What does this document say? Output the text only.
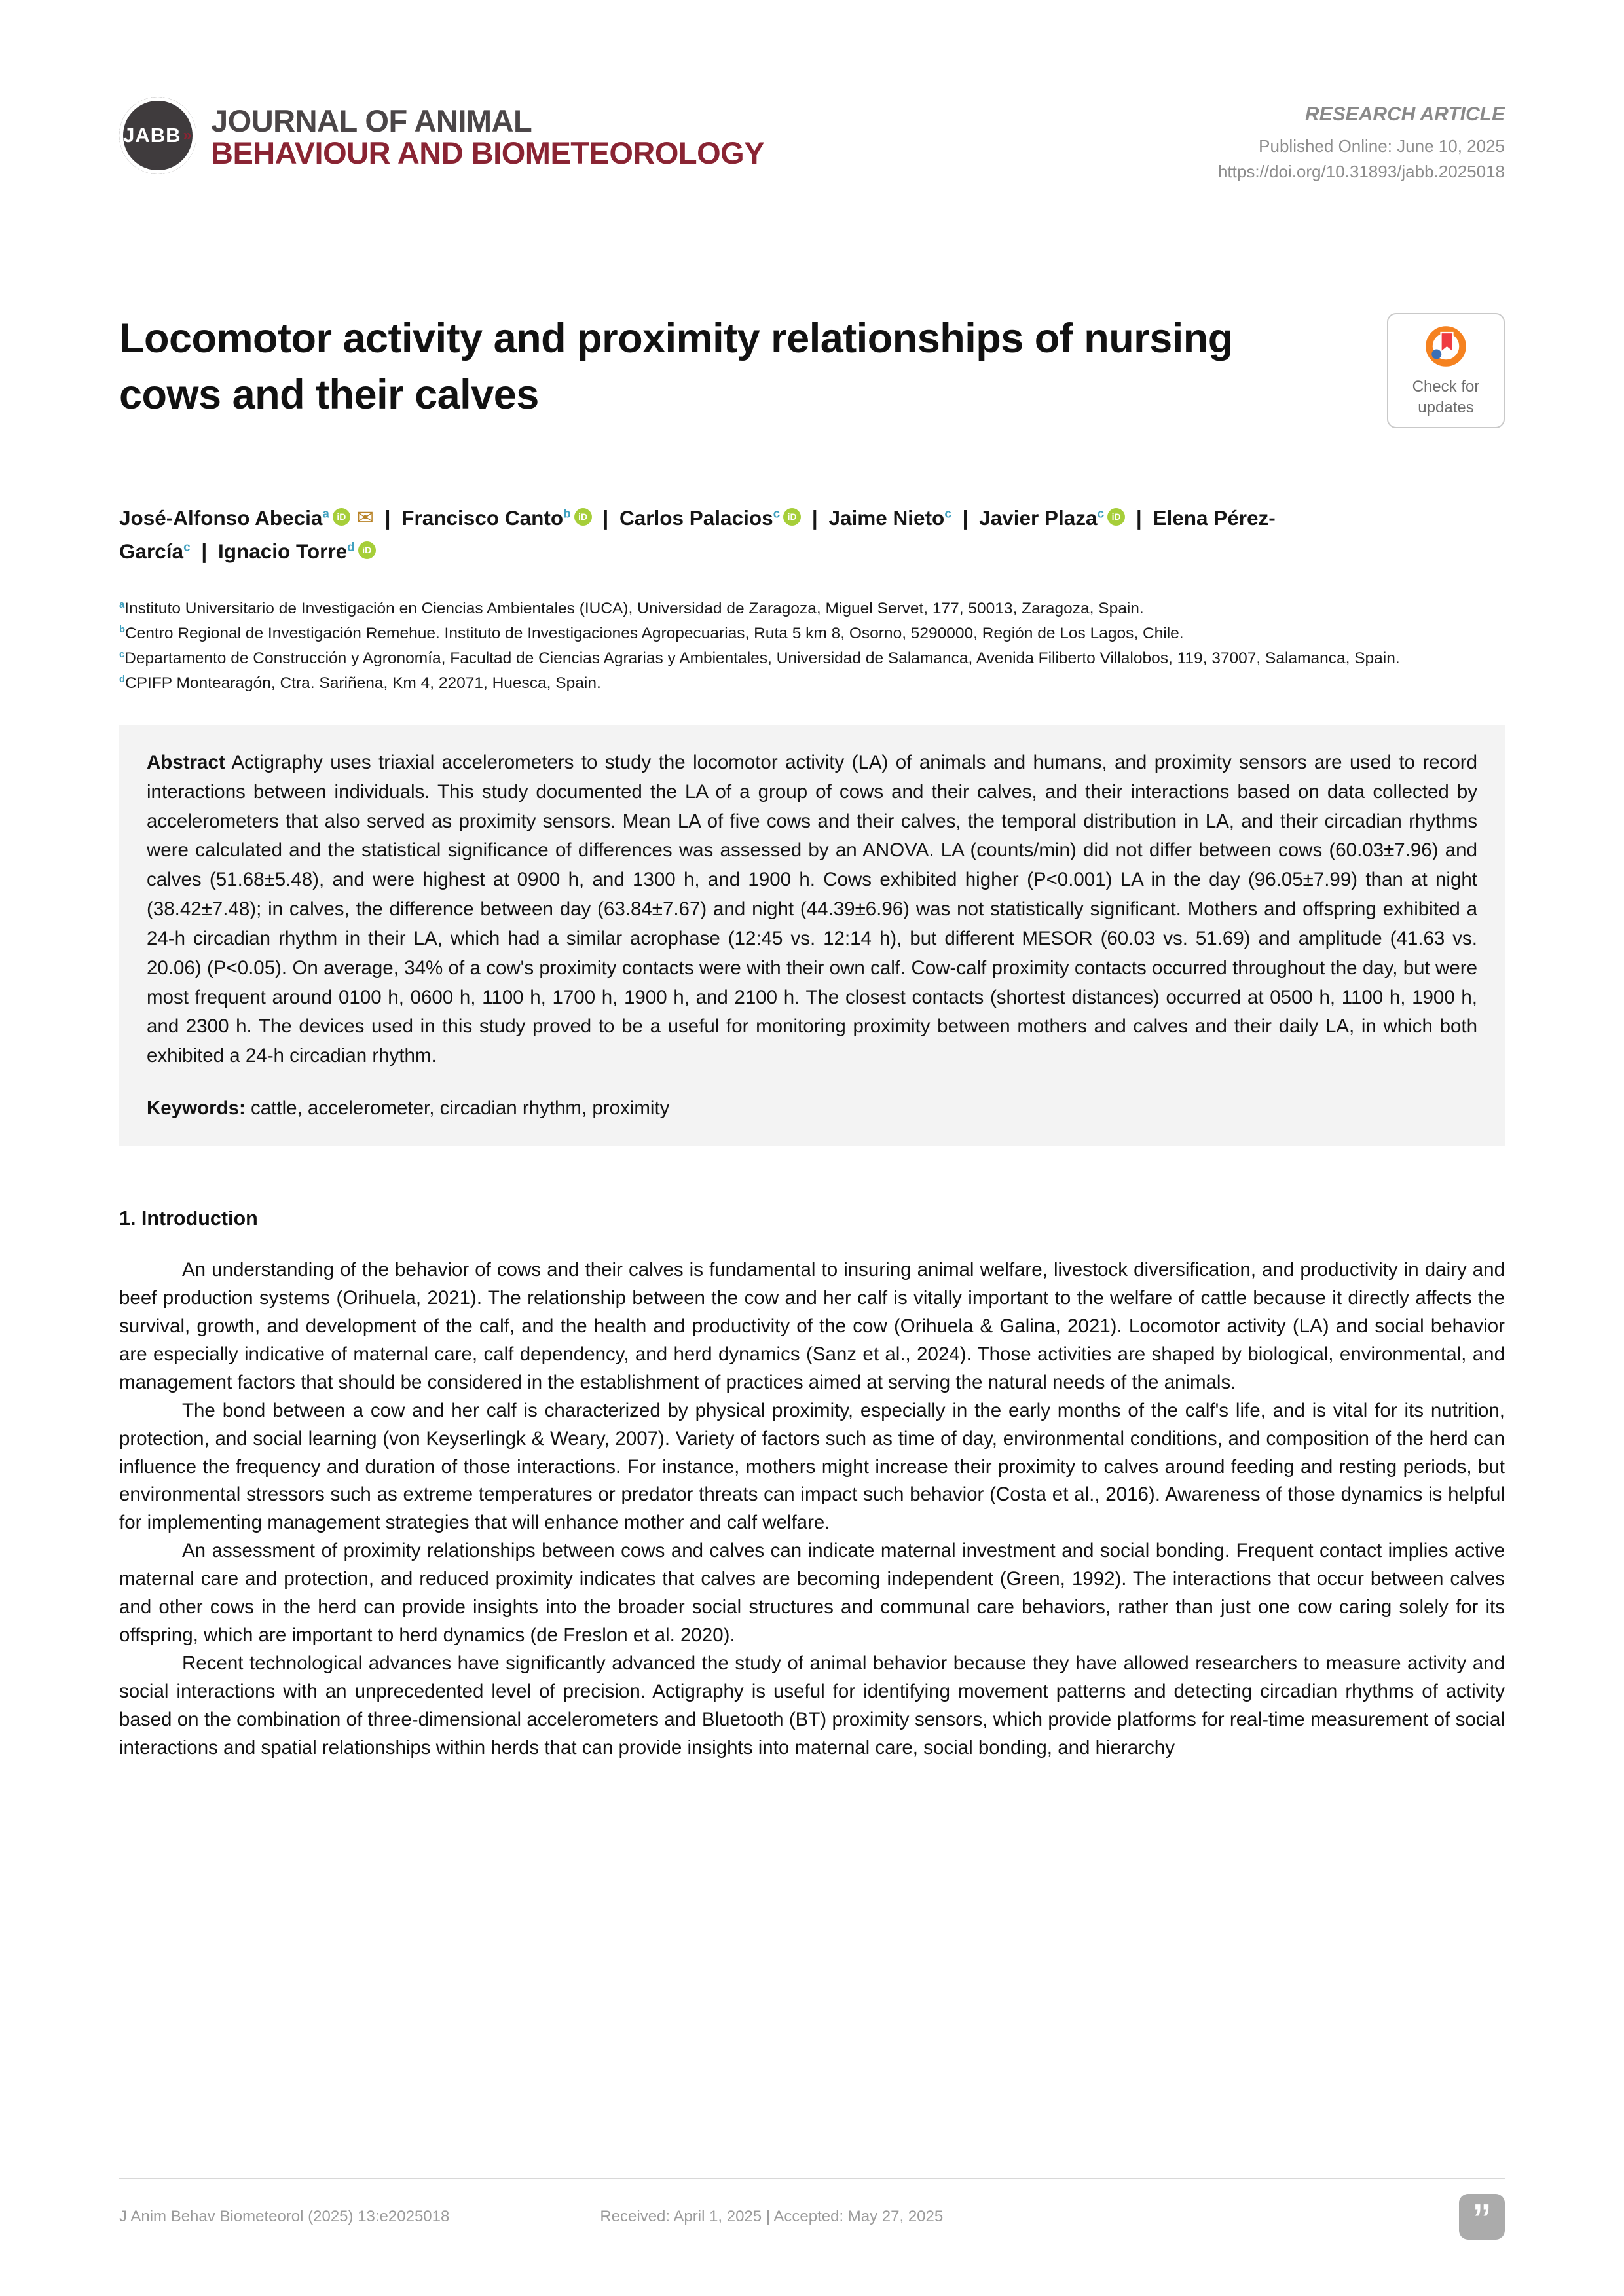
JABB » JOURNAL OF ANIMAL
BEHAVIOUR AND BIOMETEOROLOGY
RESEARCH ARTICLE
Published Online: June 10, 2025
https://doi.org/10.31893/jabb.2025018
Locomotor activity and proximity relationships of nursing cows and their calves	Check for
updates
José-Alfonso Abecia$^a$ iD ✉ | Francisco Canto$^b$ iD | Carlos Palacios$^c$ iD | Jaime Nieto$^c$ | Javier Plaza$^c$ iD | Elena Pérez-García$^c$ | Ignacio Torre$^d$ iD
$^a$Instituto Universitario de Investigación en Ciencias Ambientales (IUCA), Universidad de Zaragoza, Miguel Servet, 177, 50013, Zaragoza, Spain.
$^b$Centro Regional de Investigación Remehue. Instituto de Investigaciones Agropecuarias, Ruta 5 km 8, Osorno, 5290000, Región de Los Lagos, Chile.
$^c$Departamento de Construcción y Agronomía, Facultad de Ciencias Agrarias y Ambientales, Universidad de Salamanca, Avenida Filiberto Villalobos, 119, 37007, Salamanca, Spain.
$^d$CPIFP Montearagón, Ctra. Sariñena, Km 4, 22071, Huesca, Spain.

Abstract Actigraphy uses triaxial accelerometers to study the locomotor activity (LA) of animals and humans, and proximity sensors are used to record interactions between individuals. This study documented the LA of a group of cows and their calves, and their interactions based on data collected by accelerometers that also served as proximity sensors. Mean LA of five cows and their calves, the temporal distribution in LA, and their circadian rhythms were calculated and the statistical significance of differences was assessed by an ANOVA. LA (counts/min) did not differ between cows (60.03±7.96) and calves (51.68±5.48), and were highest at 0900 h, and 1300 h, and 1900 h. Cows exhibited higher (P<0.001) LA in the day (96.05±7.99) than at night (38.42±7.48); in calves, the difference between day (63.84±7.67) and night (44.39±6.96) was not statistically significant. Mothers and offspring exhibited a 24-h circadian rhythm in their LA, which had a similar acrophase (12:45 vs. 12:14 h), but different MESOR (60.03 vs. 51.69) and amplitude (41.63 vs. 20.06) (P<0.05). On average, 34% of a cow's proximity contacts were with their own calf. Cow-calf proximity contacts occurred throughout the day, but were most frequent around 0100 h, 0600 h, 1100 h, 1700 h, 1900 h, and 2100 h. The closest contacts (shortest distances) occurred at 0500 h, 1100 h, 1900 h, and 2300 h. The devices used in this study proved to be a useful for monitoring proximity between mothers and calves and their daily LA, in which both exhibited a 24-h circadian rhythm.

Keywords: cattle, accelerometer, circadian rhythm, proximity

1. Introduction

An understanding of the behavior of cows and their calves is fundamental to insuring animal welfare, livestock diversification, and productivity in dairy and beef production systems (Orihuela, 2021). The relationship between the cow and her calf is vitally important to the welfare of cattle because it directly affects the survival, growth, and development of the calf, and the health and productivity of the cow (Orihuela & Galina, 2021). Locomotor activity (LA) and social behavior are especially indicative of maternal care, calf dependency, and herd dynamics (Sanz et al., 2024). Those activities are shaped by biological, environmental, and management factors that should be considered in the establishment of practices aimed at serving the natural needs of the animals.

The bond between a cow and her calf is characterized by physical proximity, especially in the early months of the calf's life, and is vital for its nutrition, protection, and social learning (von Keyserlingk & Weary, 2007). Variety of factors such as time of day, environmental conditions, and composition of the herd can influence the frequency and duration of those interactions. For instance, mothers might increase their proximity to calves around feeding and resting periods, but environmental stressors such as extreme temperatures or predator threats can impact such behavior (Costa et al., 2016). Awareness of those dynamics is helpful for implementing management strategies that will enhance mother and calf welfare.

An assessment of proximity relationships between cows and calves can indicate maternal investment and social bonding. Frequent contact implies active maternal care and protection, and reduced proximity indicates that calves are becoming independent (Green, 1992). The interactions that occur between calves and other cows in the herd can provide insights into the broader social structures and communal care behaviors, rather than just one cow caring solely for its offspring, which are important to herd dynamics (de Freslon et al. 2020).

Recent technological advances have significantly advanced the study of animal behavior because they have allowed researchers to measure activity and social interactions with an unprecedented level of precision. Actigraphy is useful for identifying movement patterns and detecting circadian rhythms of activity based on the combination of three-dimensional accelerometers and Bluetooth (BT) proximity sensors, which provide platforms for real-time measurement of social interactions and spatial relationships within herds that can provide insights into maternal care, social bonding, and hierarchy

J Anim Behav Biometeorol (2025) 13:e2025018	Received: April 1, 2025 | Accepted: May 27, 2025	”
